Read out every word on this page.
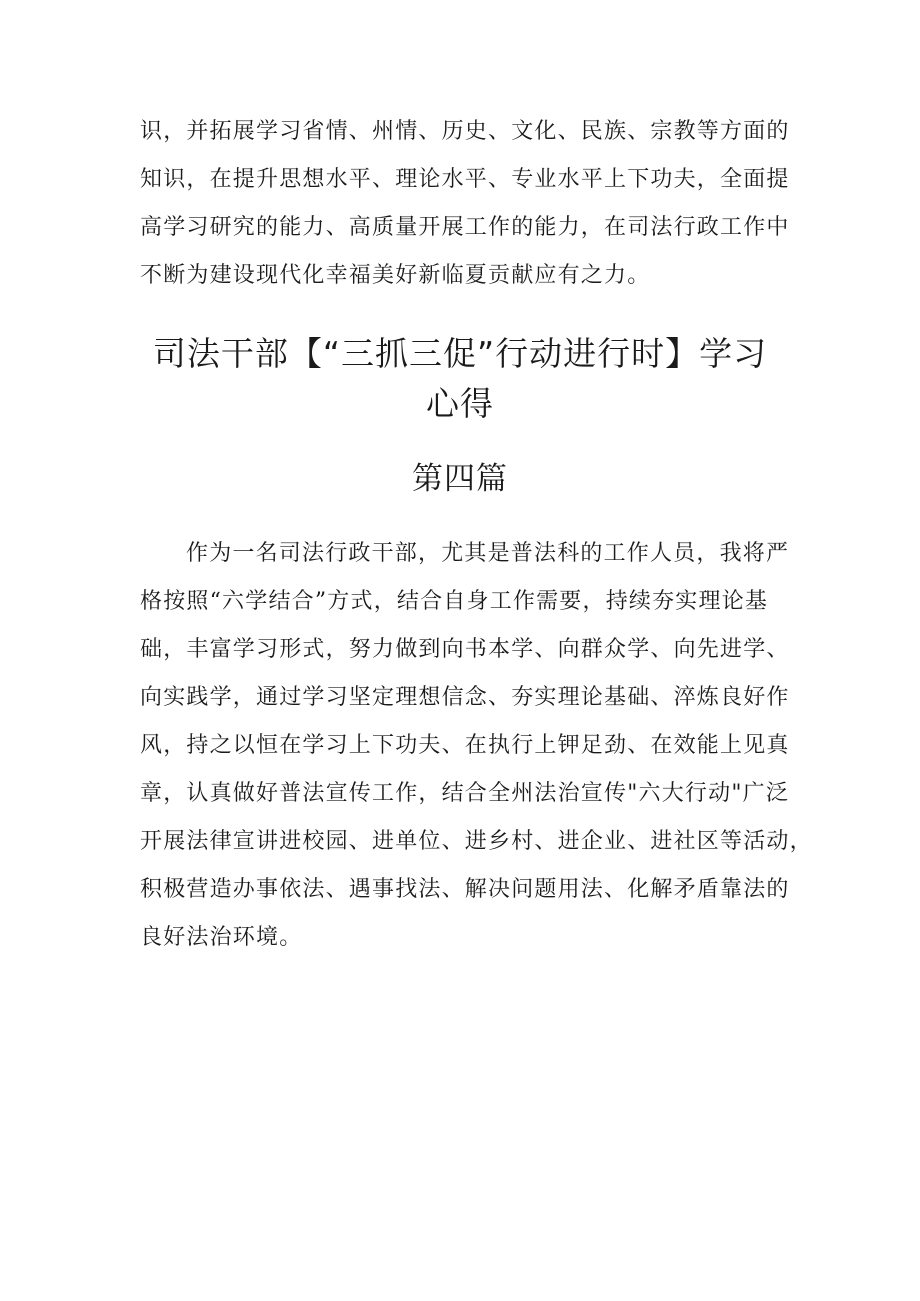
识，并拓展学习省情、州情、历史、文化、民族、宗教等方面的
知识，在提升思想水平、理论水平、专业水平上下功夫，全面提
高学习研究的能力、高质量开展工作的能力，在司法行政工作中
不断为建设现代化幸福美好新临夏贡献应有之力。
司法干部【“三抓三促”行动进行时】学习
心得
第四篇
作为一名司法行政干部，尤其是普法科的工作人员，我将严
格按照“六学结合”方式，结合自身工作需要，持续夯实理论基
础，丰富学习形式，努力做到向书本学、向群众学、向先进学、
向实践学，通过学习坚定理想信念、夯实理论基础、淬炼良好作
风，持之以恒在学习上下功夫、在执行上钾足劲、在效能上见真
章，认真做好普法宣传工作，结合全州法治宣传"六大行动"广泛
开展法律宣讲进校园、进单位、进乡村、进企业、进社区等活动，
积极营造办事依法、遇事找法、解决问题用法、化解矛盾靠法的
良好法治环境。
